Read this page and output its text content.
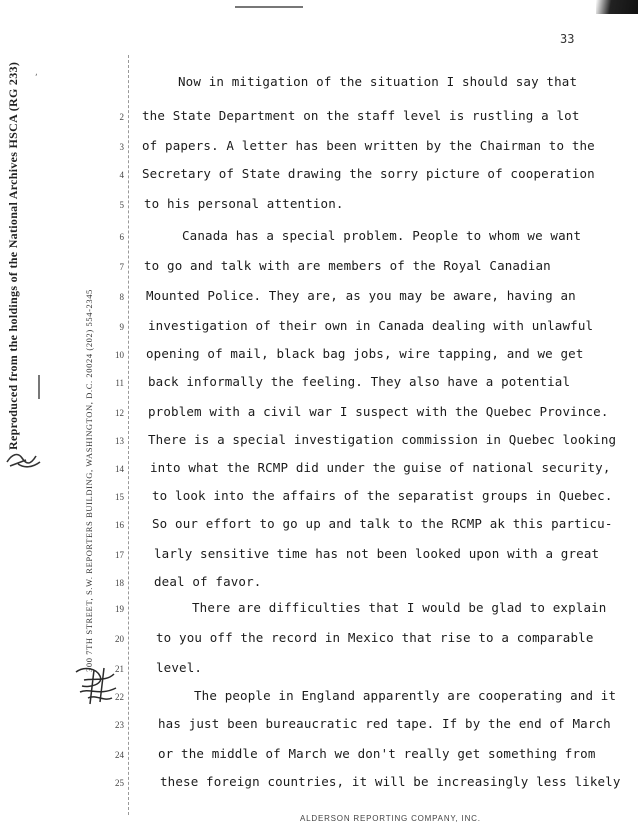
,
33
Reproduced from the holdings of the National Archives HSCA (RG 233)
300 7TH STREET, S.W. REPORTERS BUILDING, WASHINGTON, D.C. 20024 (202) 554-2345
2
3
4
5
6
7
8
9
10
11
12
13
14
15
16
17
18
19
20
21
22
23
24
25
Now in mitigation of the situation I should say that
the State Department on the staff level is rustling a lot
of papers. A letter has been written by the Chairman to the
Secretary of State drawing the sorry picture of cooperation
to his personal attention.
Canada has a special problem. People to whom we want
to go and talk with are members of the Royal Canadian
Mounted Police. They are, as you may be aware, having an
investigation of their own in Canada dealing with unlawful
opening of mail, black bag jobs, wire tapping, and we get
back informally the feeling. They also have a potential
problem with a civil war I suspect with the Quebec Province.
There is a special investigation commission in Quebec looking
into what the RCMP did under the guise of national security,
to look into the affairs of the separatist groups in Quebec.
So our effort to go up and talk to the RCMP ak this particu-
larly sensitive time has not been looked upon with a great
deal of favor.
There are difficulties that I would be glad to explain
to you off the record in Mexico that rise to a comparable
level.
The people in England apparently are cooperating and it
has just been bureaucratic red tape. If by the end of March
or the middle of March we don't really get something from
these foreign countries, it will be increasingly less likely
ALDERSON REPORTING COMPANY, INC.
